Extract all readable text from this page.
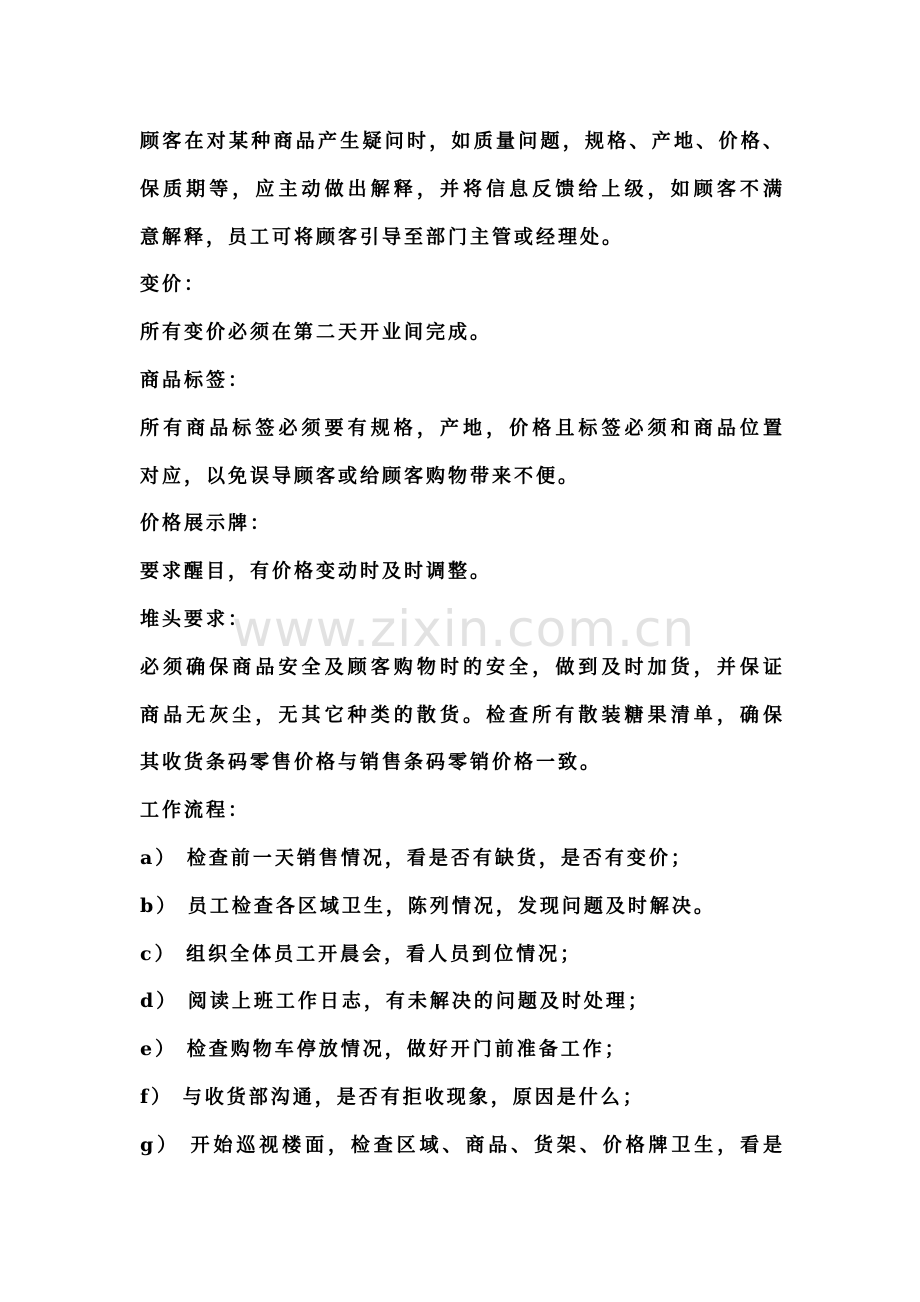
顾客在对某种商品产生疑问时，如质量问题，规格、产地、价格、
保质期等，应主动做出解释，并将信息反馈给上级，如顾客不满
意解释，员工可将顾客引导至部门主管或经理处。
变价：
所有变价必须在第二天开业间完成。
商品标签：
所有商品标签必须要有规格，产地，价格且标签必须和商品位置
对应，以免误导顾客或给顾客购物带来不便。
价格展示牌：
要求醒目，有价格变动时及时调整。
堆头要求：
必须确保商品安全及顾客购物时的安全，做到及时加货，并保证
商品无灰尘，无其它种类的散货。检查所有散装糖果清单，确保
其收货条码零售价格与销售条码零销价格一致。
工作流程：
a） 检查前一天销售情况，看是否有缺货，是否有变价；
b） 员工检查各区域卫生，陈列情况，发现问题及时解决。
c） 组织全体员工开晨会，看人员到位情况；
d） 阅读上班工作日志，有未解决的问题及时处理；
e） 检查购物车停放情况，做好开门前准备工作；
f） 与收货部沟通，是否有拒收现象，原因是什么；
g） 开始巡视楼面，检查区域、商品、货架、价格牌卫生，看是
www.zixin.com.cn
